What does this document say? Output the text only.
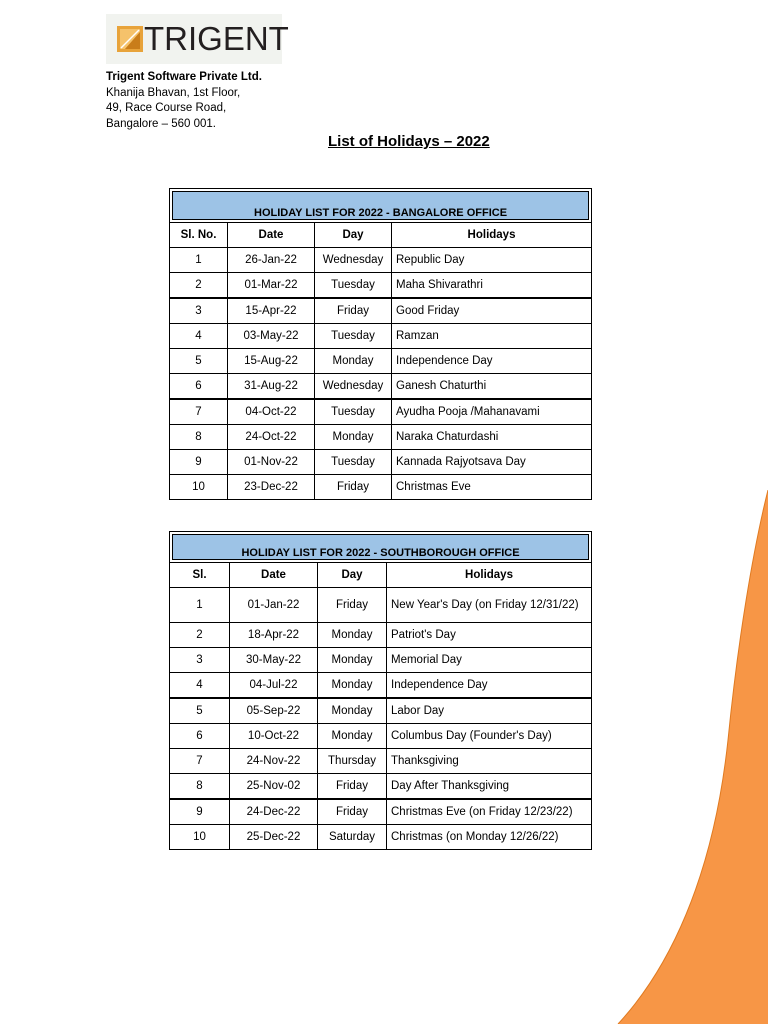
TRIGENT
Trigent Software Private Ltd.
Khanija Bhavan, 1st Floor,
49, Race Course Road,
Bangalore – 560 001.
List of Holidays – 2022
HOLIDAY LIST FOR 2022 - BANGALORE OFFICE			
Sl. No.	Date	Day	Holidays
1	26-Jan-22	Wednesday	Republic Day
2	01-Mar-22	Tuesday	Maha Shivarathri
3	15-Apr-22	Friday	Good Friday
4	03-May-22	Tuesday	Ramzan
5	15-Aug-22	Monday	Independence Day
6	31-Aug-22	Wednesday	Ganesh Chaturthi
7	04-Oct-22	Tuesday	Ayudha Pooja /Mahanavami
8	24-Oct-22	Monday	Naraka Chaturdashi
9	01-Nov-22	Tuesday	Kannada Rajyotsava Day
10	23-Dec-22	Friday	Christmas Eve
HOLIDAY LIST FOR 2022 - SOUTHBOROUGH OFFICE			
Sl.	Date	Day	Holidays
1	01-Jan-22	Friday	New Year's Day (on Friday 12/31/22)
2	18-Apr-22	Monday	Patriot's Day
3	30-May-22	Monday	Memorial Day
4	04-Jul-22	Monday	Independence Day
5	05-Sep-22	Monday	Labor Day
6	10-Oct-22	Monday	Columbus Day (Founder's Day)
7	24-Nov-22	Thursday	Thanksgiving
8	25-Nov-02	Friday	Day After Thanksgiving
9	24-Dec-22	Friday	Christmas Eve (on Friday 12/23/22)
10	25-Dec-22	Saturday	Christmas (on Monday 12/26/22)
